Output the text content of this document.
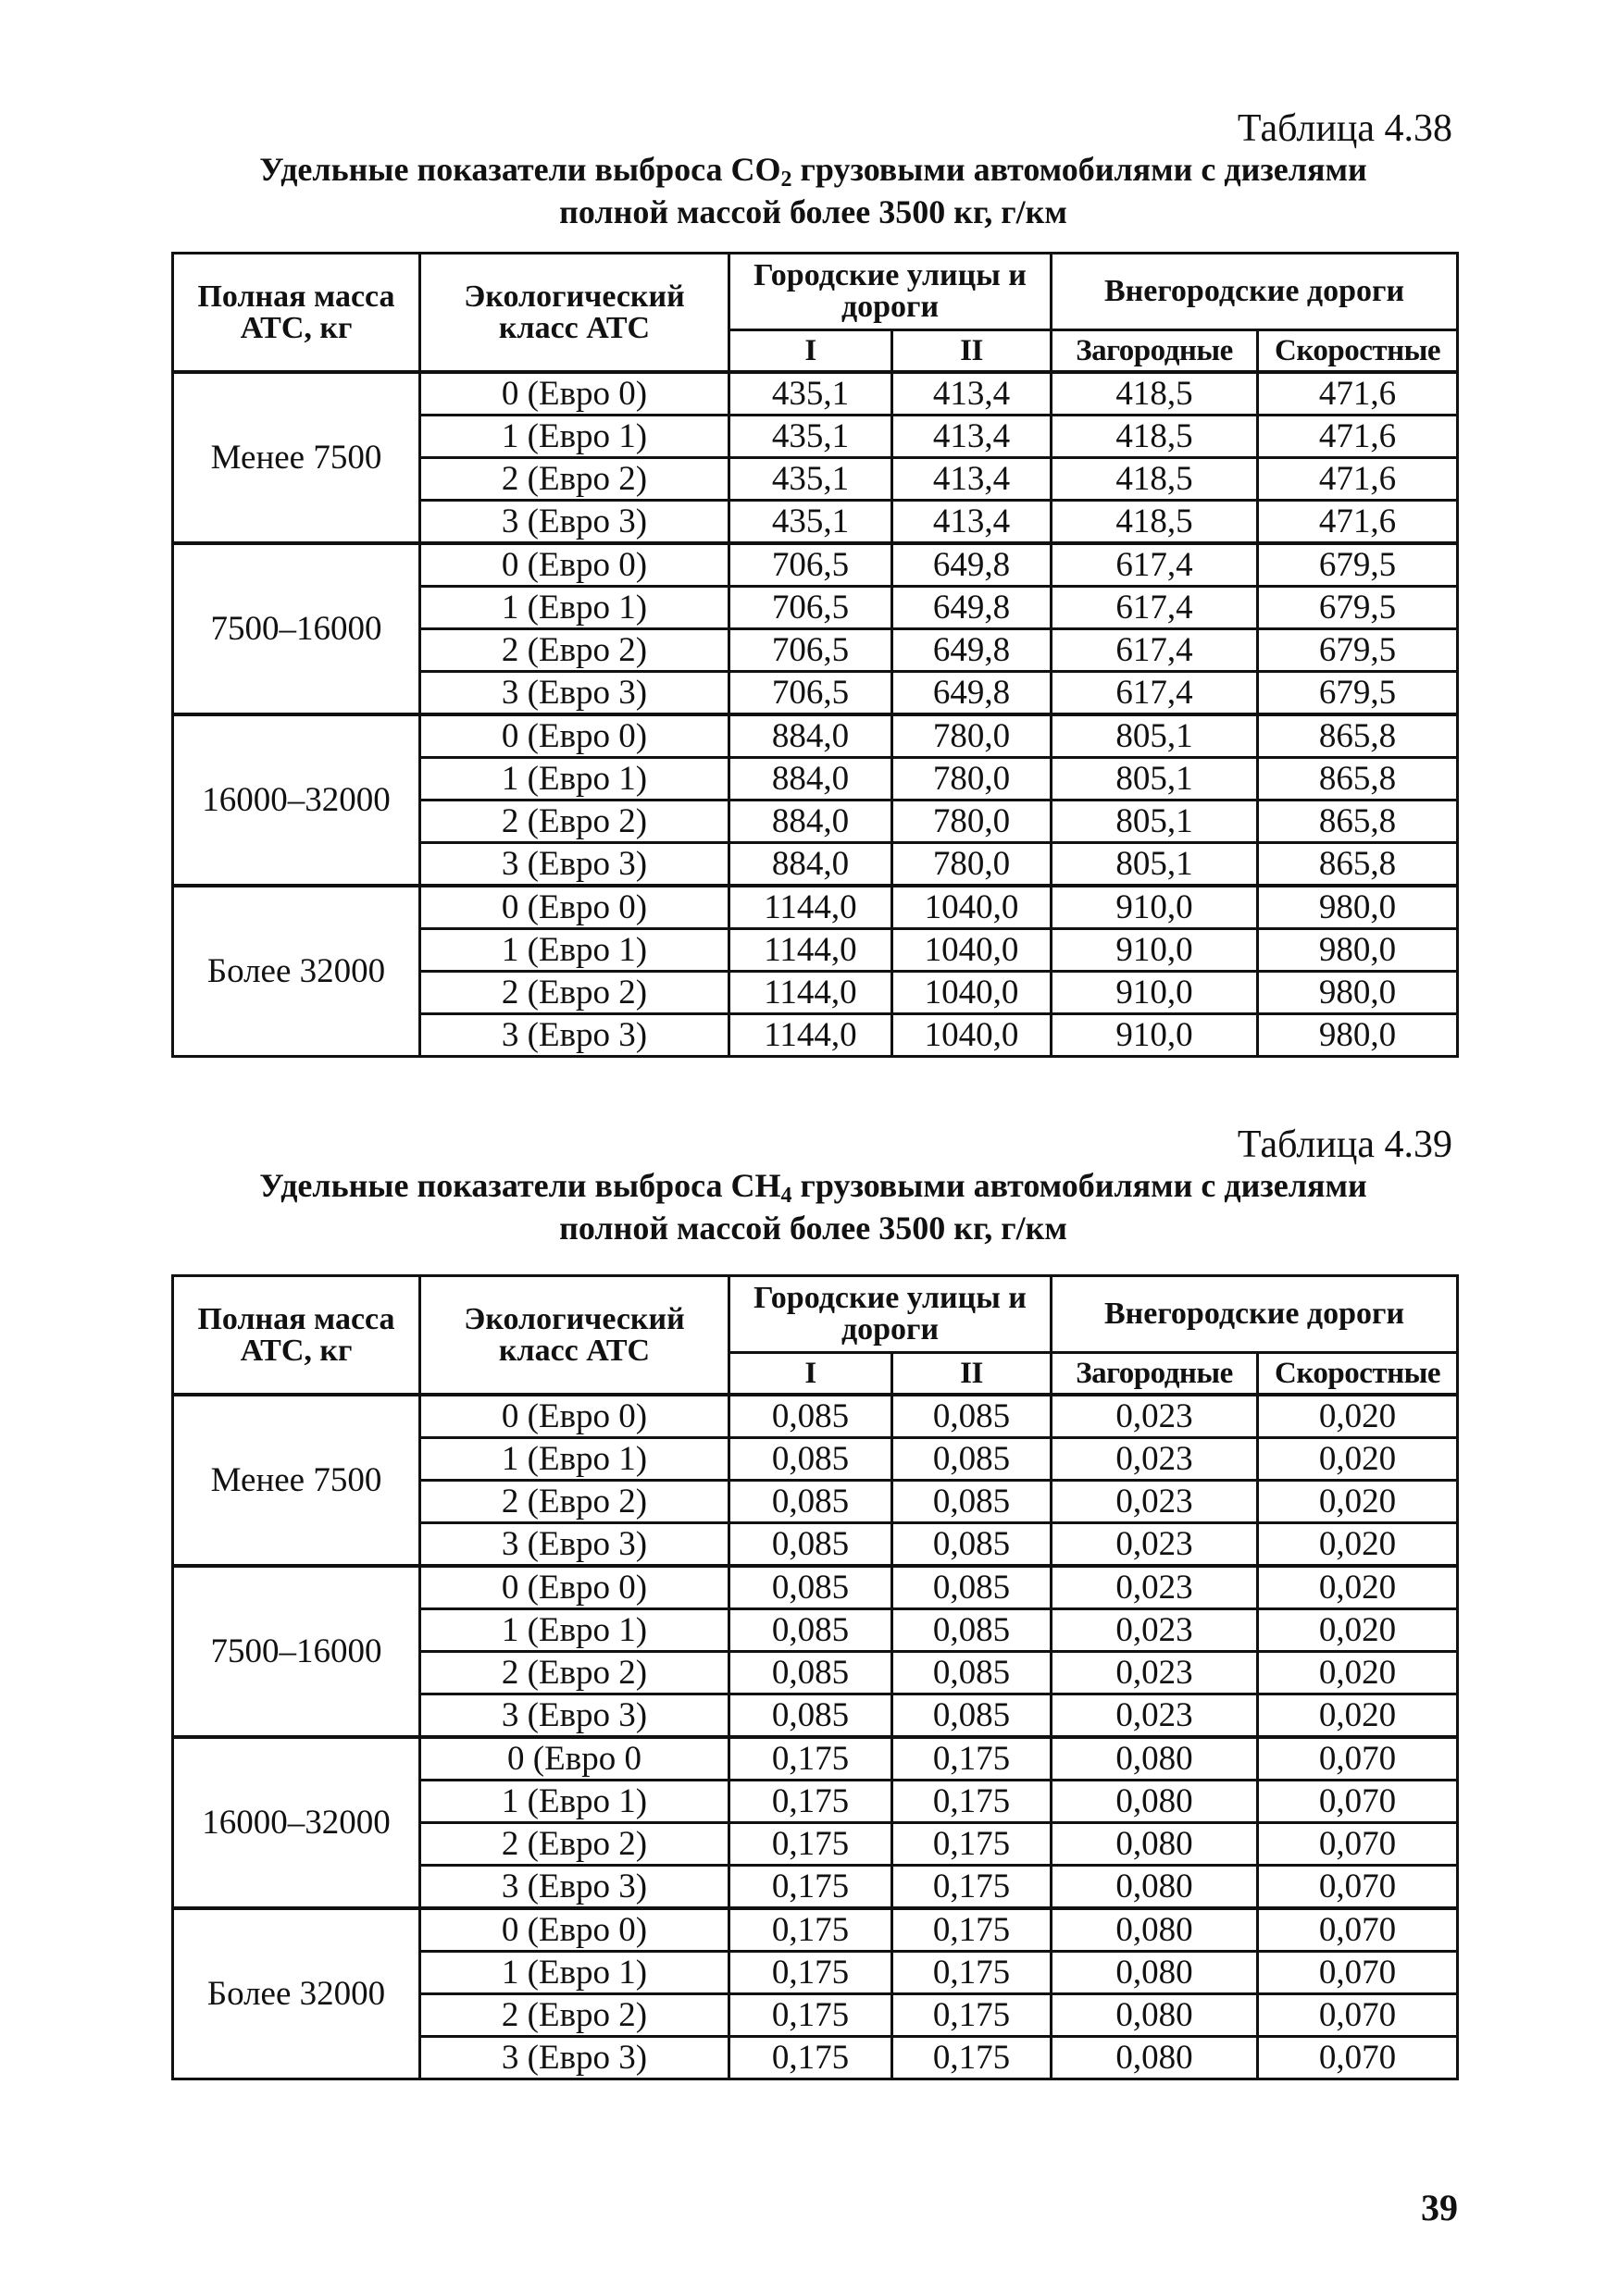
Таблица 4.38
Удельные показатели выброса $CO_2$ грузовыми автомобилями с дизелями
полной массой более 3500 кг, г/км
Полная масса АТС, кг	Экологический класс АТС	Городские улицы и дороги		Внегородские дороги	
		I	II	Загородные	Скоростные
Менее 7500	0 (Евро 0)	435,1	413,4	418,5	471,6
	1 (Евро 1)	435,1	413,4	418,5	471,6
	2 (Евро 2)	435,1	413,4	418,5	471,6
	3 (Евро 3)	435,1	413,4	418,5	471,6
7500–16000	0 (Евро 0)	706,5	649,8	617,4	679,5
	1 (Евро 1)	706,5	649,8	617,4	679,5
	2 (Евро 2)	706,5	649,8	617,4	679,5
	3 (Евро 3)	706,5	649,8	617,4	679,5
16000–32000	0 (Евро 0)	884,0	780,0	805,1	865,8
	1 (Евро 1)	884,0	780,0	805,1	865,8
	2 (Евро 2)	884,0	780,0	805,1	865,8
	3 (Евро 3)	884,0	780,0	805,1	865,8
Более 32000	0 (Евро 0)	1144,0	1040,0	910,0	980,0
	1 (Евро 1)	1144,0	1040,0	910,0	980,0
	2 (Евро 2)	1144,0	1040,0	910,0	980,0
	3 (Евро 3)	1144,0	1040,0	910,0	980,0
Таблица 4.39
Удельные показатели выброса $CH_4$ грузовыми автомобилями с дизелями
полной массой более 3500 кг, г/км
Полная масса АТС, кг	Экологический класс АТС	Городские улицы и дороги		Внегородские дороги	
		I	II	Загородные	Скоростные
Менее 7500	0 (Евро 0)	0,085	0,085	0,023	0,020
	1 (Евро 1)	0,085	0,085	0,023	0,020
	2 (Евро 2)	0,085	0,085	0,023	0,020
	3 (Евро 3)	0,085	0,085	0,023	0,020
7500–16000	0 (Евро 0)	0,085	0,085	0,023	0,020
	1 (Евро 1)	0,085	0,085	0,023	0,020
	2 (Евро 2)	0,085	0,085	0,023	0,020
	3 (Евро 3)	0,085	0,085	0,023	0,020
16000–32000	0 (Евро 0	0,175	0,175	0,080	0,070
	1 (Евро 1)	0,175	0,175	0,080	0,070
	2 (Евро 2)	0,175	0,175	0,080	0,070
	3 (Евро 3)	0,175	0,175	0,080	0,070
Более 32000	0 (Евро 0)	0,175	0,175	0,080	0,070
	1 (Евро 1)	0,175	0,175	0,080	0,070
	2 (Евро 2)	0,175	0,175	0,080	0,070
	3 (Евро 3)	0,175	0,175	0,080	0,070
39
